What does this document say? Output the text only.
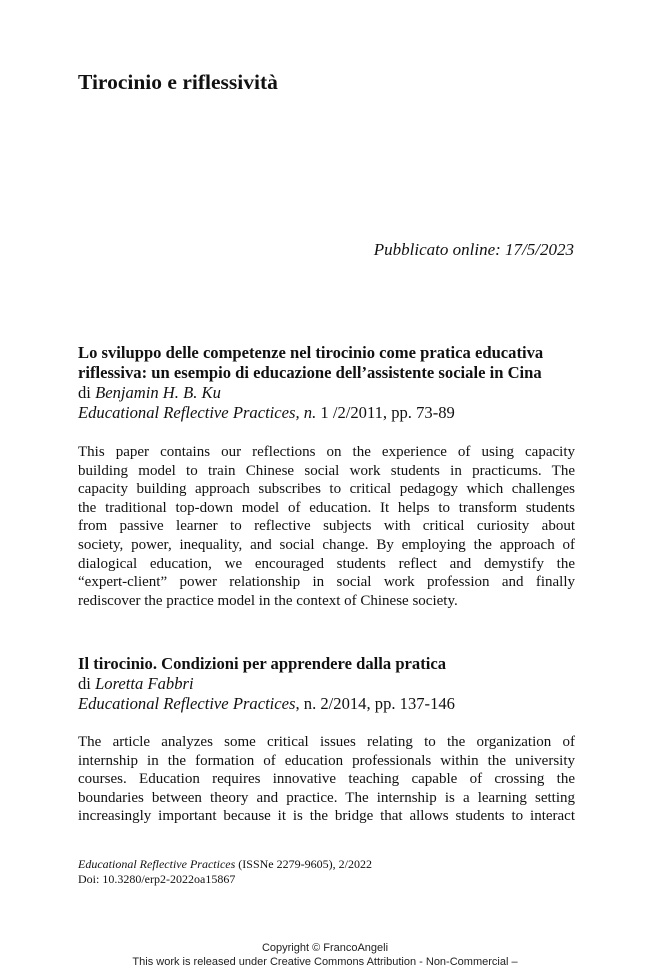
Tirocinio e riflessività
Pubblicato online: 17/5/2023
Lo sviluppo delle competenze nel tirocinio come pratica educativa
riflessiva: un esempio di educazione dell’assistente sociale in Cina
di Benjamin H. B. Ku
Educational Reflective Practices, n. 1 /2/2011, pp. 73-89
This paper contains our reflections on the experience of using capacity
building model to train Chinese social work students in practicums. The
capacity building approach subscribes to critical pedagogy which challenges
the traditional top-down model of education. It helps to transform students
from passive learner to reflective subjects with critical curiosity about
society, power, inequality, and social change. By employing the approach of
dialogical education, we encouraged students reflect and demystify the
“expert-client” power relationship in social work profession and finally
rediscover the practice model in the context of Chinese society.
Il tirocinio. Condizioni per apprendere dalla pratica
di Loretta Fabbri
Educational Reflective Practices, n. 2/2014, pp. 137-146
The article analyzes some critical issues relating to the organization of
internship in the formation of education professionals within the university
courses. Education requires innovative teaching capable of crossing the
boundaries between theory and practice. The internship is a learning setting
increasingly important because it is the bridge that allows students to interact
Educational Reflective Practices (ISSNe 2279-9605), 2/2022
Doi: 10.3280/erp2-2022oa15867
Copyright © FrancoAngeli
This work is released under Creative Commons Attribution - Non-Commercial –
